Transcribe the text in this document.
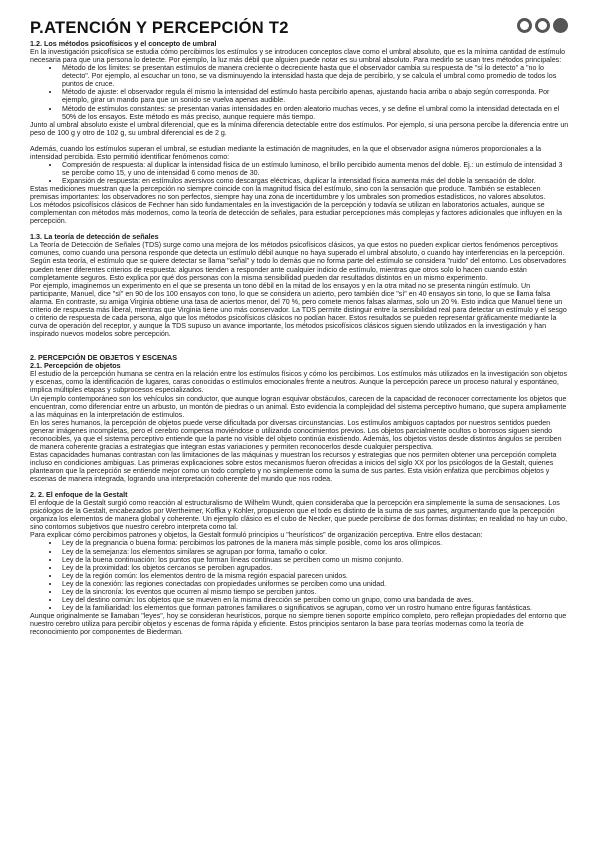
P.ATENCIÓN Y PERCEPCIÓN T2
1.2. Los métodos psicofísicos y el concepto de umbral

En la investigación psicofísica se estudia cómo percibimos los estímulos y se introducen conceptos clave como el umbral absoluto, que es la mínima cantidad de estímulo necesaria para que una persona lo detecte. Por ejemplo, la luz más débil que alguien puede notar es su umbral absoluto. Para medirlo se usan tres métodos principales:

• Método de los límites: se presentan estímulos de manera creciente o decreciente hasta que el observador cambia su respuesta de "sí lo detecto" a "no lo detecto". Por ejemplo, al escuchar un tono, se va disminuyendo la intensidad hasta que deja de percibirlo, y se calcula el umbral como promedio de todos los puntos de cruce.
• Método de ajuste: el observador regula él mismo la intensidad del estímulo hasta percibirlo apenas, ajustando hacia arriba o abajo según corresponda. Por ejemplo, girar un mando para que un sonido se vuelva apenas audible.
• Método de estímulos constantes: se presentan varias intensidades en orden aleatorio muchas veces, y se define el umbral como la intensidad detectada en el 50% de los ensayos. Este método es más preciso, aunque requiere más tiempo.

Junto al umbral absoluto existe el umbral diferencial, que es la mínima diferencia detectable entre dos estímulos. Por ejemplo, si una persona percibe la diferencia entre un peso de 100 g y otro de 102 g, su umbral diferencial es de 2 g.

Además, cuando los estímulos superan el umbral, se estudian mediante la estimación de magnitudes, en la que el observador asigna números proporcionales a la intensidad percibida. Esto permitió identificar fenómenos como:

• Compresión de respuesta: al duplicar la intensidad física de un estímulo luminoso, el brillo percibido aumenta menos del doble. Ej.: un estímulo de intensidad 3 se percibe como 15, y uno de intensidad 6 como menos de 30.
• Expansión de respuesta: en estímulos aversivos como descargas eléctricas, duplicar la intensidad física aumenta más del doble la sensación de dolor.

Estas mediciones muestran que la percepción no siempre coincide con la magnitud física del estímulo, sino con la sensación que produce. También se establecen premisas importantes: los observadores no son perfectos, siempre hay una zona de incertidumbre y los umbrales son promedios estadísticos, no valores absolutos.

Los métodos psicofísicos clásicos de Fechner han sido fundamentales en la investigación de la percepción y todavía se utilizan en laboratorios actuales, aunque se complementan con métodos más modernos, como la teoría de detección de señales, para estudiar percepciones más complejas y factores adicionales que influyen en la percepción.

1.3. La teoría de detección de señales

La Teoría de Detección de Señales (TDS) surge como una mejora de los métodos psicofísicos clásicos, ya que estos no pueden explicar ciertos fenómenos perceptivos comunes, como cuando una persona responde que detecta un estímulo débil aunque no haya superado el umbral absoluto, o cuando hay interferencias en la percepción. Según esta teoría, el estímulo que se quiere detectar se llama "señal" y todo lo demás que no forma parte del estímulo se considera "ruido" del entorno. Los observadores pueden tener diferentes criterios de respuesta: algunos tienden a responder ante cualquier indicio de estímulo, mientras que otros solo lo hacen cuando están completamente seguros. Esto explica por qué dos personas con la misma sensibilidad pueden dar resultados distintos en un mismo experimento.

Por ejemplo, imaginemos un experimento en el que se presenta un tono débil en la mitad de los ensayos y en la otra mitad no se presenta ningún estímulo. Un participante, Manuel, dice "sí" en 90 de los 100 ensayos con tono, lo que se considera un acierto, pero también dice "sí" en 40 ensayos sin tono, lo que se llama falsa alarma. En contraste, su amiga Virginia obtiene una tasa de aciertos menor, del 70 %, pero comete menos falsas alarmas, solo un 20 %. Esto indica que Manuel tiene un criterio de respuesta más liberal, mientras que Virginia tiene uno más conservador. La TDS permite distinguir entre la sensibilidad real para detectar un estímulo y el sesgo o criterio de respuesta de cada persona, algo que los métodos psicofísicos clásicos no podían hacer. Estos resultados se pueden representar gráficamente mediante la curva de operación del receptor, y aunque la TDS supuso un avance importante, los métodos psicofísicos clásicos siguen siendo utilizados en la investigación y han inspirado nuevos modelos sobre percepción.

2. PERCEPCIÓN DE OBJETOS Y ESCENAS
2.1. Percepción de objetos

El estudio de la percepción humana se centra en la relación entre los estímulos físicos y cómo los percibimos. Los estímulos más utilizados en la investigación son objetos y escenas, como la identificación de lugares, caras conocidas o estímulos emocionales frente a neutros. Aunque la percepción parece un proceso natural y espontáneo, implica múltiples etapas y subprocesos especializados.

Un ejemplo contemporáneo son los vehículos sin conductor, que aunque logran esquivar obstáculos, carecen de la capacidad de reconocer correctamente los objetos que encuentran, como diferenciar entre un arbusto, un montón de piedras o un animal. Esto evidencia la complejidad del sistema perceptivo humano, que supera ampliamente a las máquinas en la interpretación de estímulos.

En los seres humanos, la percepción de objetos puede verse dificultada por diversas circunstancias. Los estímulos ambiguos captados por nuestros sentidos pueden generar imágenes incompletas, pero el cerebro compensa moviéndose o utilizando conocimientos previos. Los objetos parcialmente ocultos o borrosos siguen siendo reconocibles, ya que el sistema perceptivo entiende que la parte no visible del objeto continúa existiendo. Además, los objetos vistos desde distintos ángulos se perciben de manera coherente gracias a estrategias que integran estas variaciones y permiten reconocerlos desde cualquier perspectiva.

Estas capacidades humanas contrastan con las limitaciones de las máquinas y muestran los recursos y estrategias que nos permiten obtener una percepción completa incluso en condiciones ambiguas. Las primeras explicaciones sobre estos mecanismos fueron ofrecidas a inicios del siglo XX por los psicólogos de la Gestalt, quienes plantearon que la percepción se entiende mejor como un todo completo y no simplemente como la suma de sus partes. Esta visión enfatiza que percibimos objetos y escenas de manera integrada, logrando una interpretación coherente del mundo que nos rodea.

2. 2. El enfoque de la Gestalt

El enfoque de la Gestalt surgió como reacción al estructuralismo de Wilhelm Wundt, quien consideraba que la percepción era simplemente la suma de sensaciones. Los psicólogos de la Gestalt, encabezados por Wertheimer, Koffka y Kohler, propusieron que el todo es distinto de la suma de sus partes, argumentando que la percepción organiza los elementos de manera global y coherente. Un ejemplo clásico es el cubo de Necker, que puede percibirse de dos formas distintas; en realidad no hay un cubo, sino contornos subjetivos que nuestro cerebro interpreta como tal.

Para explicar cómo percibimos patrones y objetos, la Gestalt formuló principios u "heurísticos" de organización perceptiva. Entre ellos destacan:

• Ley de la pregnancia o buena forma: percibimos los patrones de la manera más simple posible, como los aros olímpicos.
• Ley de la semejanza: los elementos similares se agrupan por forma, tamaño o color.
• Ley de la buena continuación: los puntos que forman líneas continuas se perciben como un mismo conjunto.
• Ley de la proximidad: los objetos cercanos se perciben agrupados.
• Ley de la región común: los elementos dentro de la misma región espacial parecen unidos.
• Ley de la conexión: las regiones conectadas con propiedades uniformes se perciben como una unidad.
• Ley de la sincronía: los eventos que ocurren al mismo tiempo se perciben juntos.
• Ley del destino común: los objetos que se mueven en la misma dirección se perciben como un grupo, como una bandada de aves.
• Ley de la familiaridad: los elementos que forman patrones familiares o significativos se agrupan, como ver un rostro humano entre figuras fantásticas.

Aunque originalmente se llamaban "leyes", hoy se consideran heurísticos, porque no siempre tienen soporte empírico completo, pero reflejan propiedades del entorno que nuestro cerebro utiliza para percibir objetos y escenas de forma rápida y eficiente. Estos principios sentaron la base para teorías modernas como la teoría de reconocimiento por componentes de Biederman.
